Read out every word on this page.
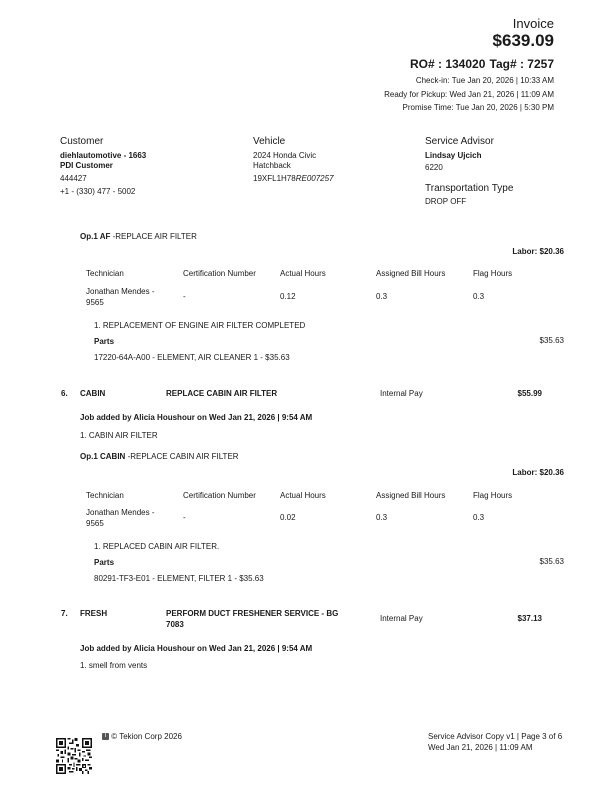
Invoice
$639.09
RO# : 134020 Tag# : 7257
Check-in: Tue Jan 20, 2026 | 10:33 AM
Ready for Pickup: Wed Jan 21, 2026 | 11:09 AM
Promise Time: Tue Jan 20, 2026 | 5:30 PM
Customer
diehlautomotive - 1663
PDI Customer
444427
+1 - (330) 477 - 5002
Vehicle
2024 Honda Civic
Hatchback
19XFL1H78RE007257
Service Advisor
Lindsay Ujcich
6220
Transportation Type
DROP OFF
Op.1 AF -REPLACE AIR FILTER
Labor: $20.36
Technician	Certification Number	Actual Hours	Assigned Bill Hours	Flag Hours
Jonathan Mendes -
9565
-	0.12	0.3	0.3
1. REPLACEMENT OF ENGINE AIR FILTER COMPLETED
Parts	$35.63
17220-64A-A00 - ELEMENT, AIR CLEANER 1 - $35.63
6. CABIN	REPLACE CABIN AIR FILTER	Internal Pay	$55.99
Job added by Alicia Houshour on Wed Jan 21, 2026 | 9:54 AM
1. CABIN AIR FILTER
Op.1 CABIN -REPLACE CABIN AIR FILTER
Labor: $20.36
Technician	Certification Number	Actual Hours	Assigned Bill Hours	Flag Hours
Jonathan Mendes -
9565
-	0.02	0.3	0.3
1. REPLACED CABIN AIR FILTER.
Parts	$35.63
80291-TF3-E01 - ELEMENT, FILTER 1 - $35.63
7. FRESH	PERFORM DUCT FRESHENER SERVICE - BG
7083
Internal Pay	$37.13
Job added by Alicia Houshour on Wed Jan 21, 2026 | 9:54 AM
1. smell from vents
T © Tekion Corp 2026	Service Advisor Copy v1 | Page 3 of 6
Wed Jan 21, 2026 | 11:09 AM
